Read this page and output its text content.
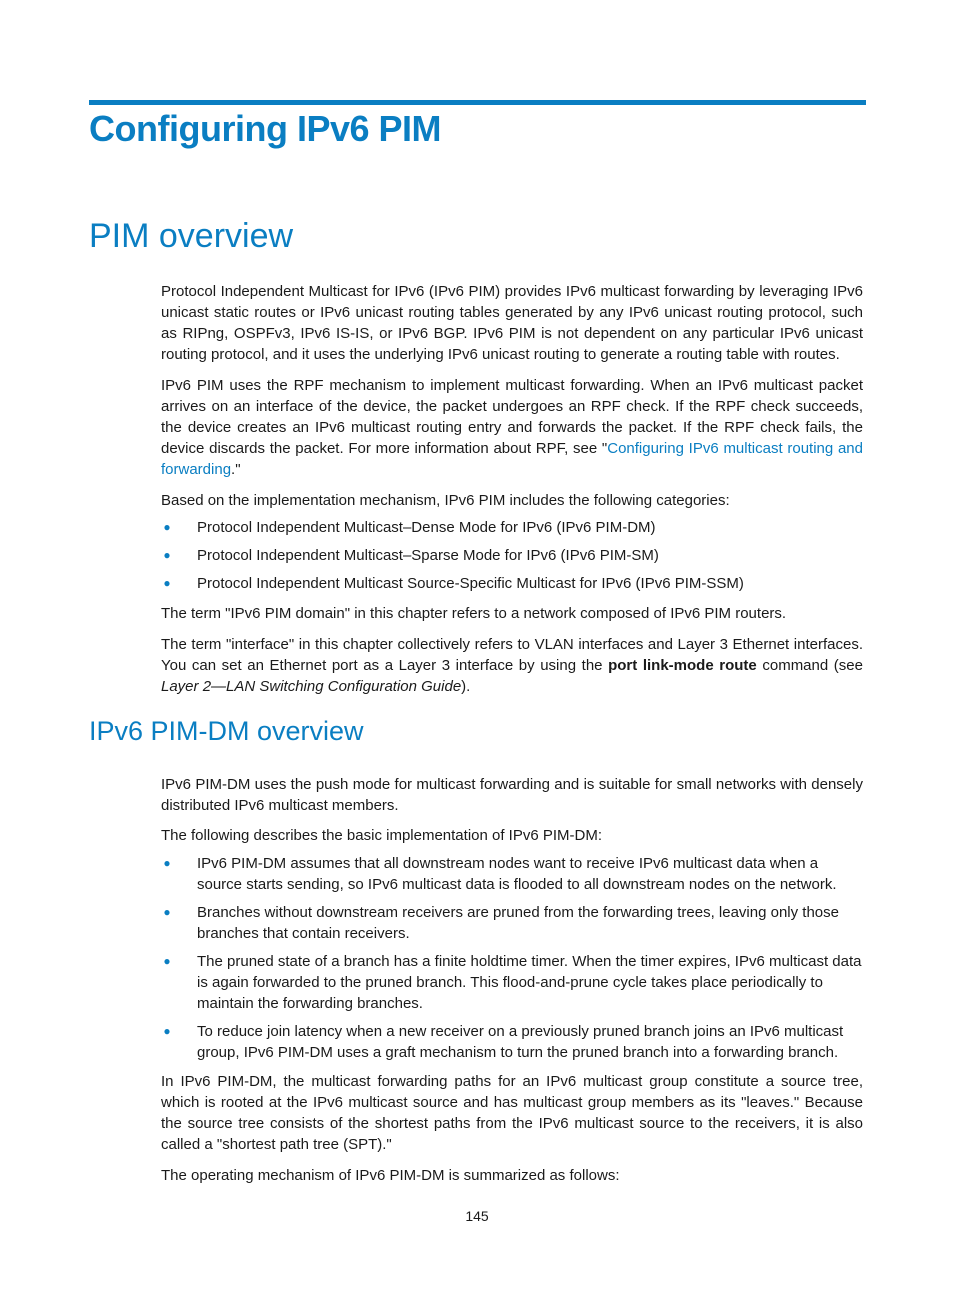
Configuring IPv6 PIM
PIM overview

Protocol Independent Multicast for IPv6 (IPv6 PIM) provides IPv6 multicast forwarding by leveraging IPv6 unicast static routes or IPv6 unicast routing tables generated by any IPv6 unicast routing protocol, such as RIPng, OSPFv3, IPv6 IS-IS, or IPv6 BGP. IPv6 PIM is not dependent on any particular IPv6 unicast routing protocol, and it uses the underlying IPv6 unicast routing to generate a routing table with routes.

IPv6 PIM uses the RPF mechanism to implement multicast forwarding. When an IPv6 multicast packet arrives on an interface of the device, the packet undergoes an RPF check. If the RPF check succeeds, the device creates an IPv6 multicast routing entry and forwards the packet. If the RPF check fails, the device discards the packet. For more information about RPF, see "Configuring IPv6 multicast routing and forwarding."

Based on the implementation mechanism, IPv6 PIM includes the following categories:

● Protocol Independent Multicast–Dense Mode for IPv6 (IPv6 PIM-DM)
● Protocol Independent Multicast–Sparse Mode for IPv6 (IPv6 PIM-SM)
● Protocol Independent Multicast Source-Specific Multicast for IPv6 (IPv6 PIM-SSM)

The term "IPv6 PIM domain" in this chapter refers to a network composed of IPv6 PIM routers.

The term "interface" in this chapter collectively refers to VLAN interfaces and Layer 3 Ethernet interfaces. You can set an Ethernet port as a Layer 3 interface by using the port link-mode route command (see Layer 2—LAN Switching Configuration Guide).

IPv6 PIM-DM overview

IPv6 PIM-DM uses the push mode for multicast forwarding and is suitable for small networks with densely distributed IPv6 multicast members.

The following describes the basic implementation of IPv6 PIM-DM:

● IPv6 PIM-DM assumes that all downstream nodes want to receive IPv6 multicast data when a source starts sending, so IPv6 multicast data is flooded to all downstream nodes on the network.
● Branches without downstream receivers are pruned from the forwarding trees, leaving only those branches that contain receivers.
● The pruned state of a branch has a finite holdtime timer. When the timer expires, IPv6 multicast data is again forwarded to the pruned branch. This flood-and-prune cycle takes place periodically to maintain the forwarding branches.
● To reduce join latency when a new receiver on a previously pruned branch joins an IPv6 multicast group, IPv6 PIM-DM uses a graft mechanism to turn the pruned branch into a forwarding branch.

In IPv6 PIM-DM, the multicast forwarding paths for an IPv6 multicast group constitute a source tree, which is rooted at the IPv6 multicast source and has multicast group members as its "leaves." Because the source tree consists of the shortest paths from the IPv6 multicast source to the receivers, it is also called a "shortest path tree (SPT)."

The operating mechanism of IPv6 PIM-DM is summarized as follows:

145
